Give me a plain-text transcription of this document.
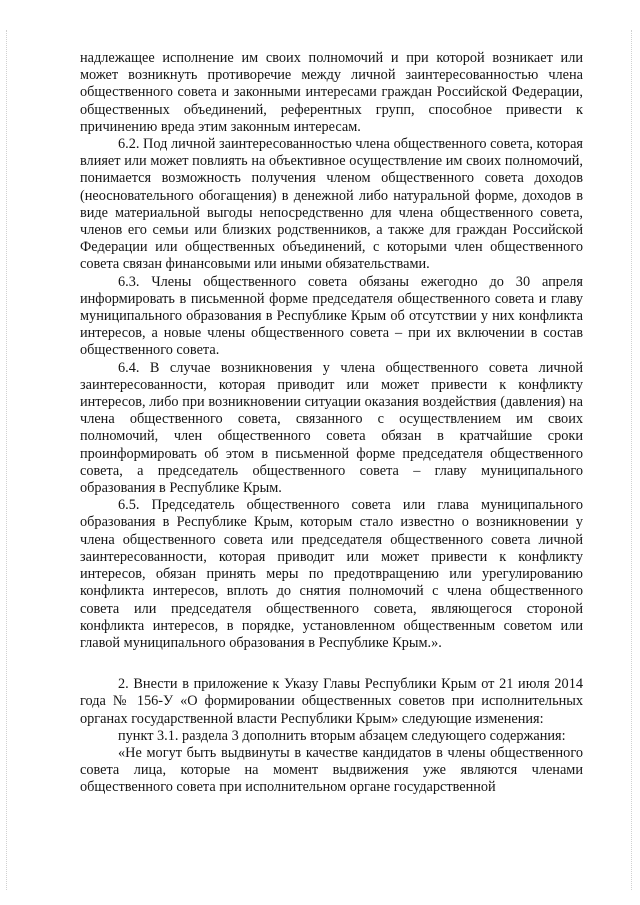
надлежащее исполнение им своих полномочий и при которой возникает или может возникнуть противоречие между личной заинтересованностью члена общественного совета и законными интересами граждан Российской Федерации, общественных объединений, референтных групп, способное привести к причинению вреда этим законным интересам.

6.2. Под личной заинтересованностью члена общественного совета, которая влияет или может повлиять на объективное осуществление им своих полномочий, понимается возможность получения членом общественного совета доходов (неосновательного обогащения) в денежной либо натуральной форме, доходов в виде материальной выгоды непосредственно для члена общественного совета, членов его семьи или близких родственников, а также для граждан Российской Федерации или общественных объединений, с которыми член общественного совета связан финансовыми или иными обязательствами.

6.3. Члены общественного совета обязаны ежегодно до 30 апреля информировать в письменной форме председателя общественного совета и главу муниципального образования в Республике Крым об отсутствии у них конфликта интересов, а новые члены общественного совета – при их включении в состав общественного совета.

6.4. В случае возникновения у члена общественного совета личной заинтересованности, которая приводит или может привести к конфликту интересов, либо при возникновении ситуации оказания воздействия (давления) на члена общественного совета, связанного с осуществлением им своих полномочий, член общественного совета обязан в кратчайшие сроки проинформировать об этом в письменной форме председателя общественного совета, а председатель общественного совета – главу муниципального образования в Республике Крым.

6.5. Председатель общественного совета или глава муниципального образования в Республике Крым, которым стало известно о возникновении у члена общественного совета или председателя общественного совета личной заинтересованности, которая приводит или может привести к конфликту интересов, обязан принять меры по предотвращению или урегулированию конфликта интересов, вплоть до снятия полномочий с члена общественного совета или председателя общественного совета, являющегося стороной конфликта интересов, в порядке, установленном общественным советом или главой муниципального образования в Республике Крым.».

2. Внести в приложение к Указу Главы Республики Крым от 21 июля 2014 года № 156-У «О формировании общественных советов при исполнительных органах государственной власти Республики Крым» следующие изменения:

пункт 3.1. раздела 3 дополнить вторым абзацем следующего содержания:

«Не могут быть выдвинуты в качестве кандидатов в члены общественного совета лица, которые на момент выдвижения уже являются членами общественного совета при исполнительном органе государственной
